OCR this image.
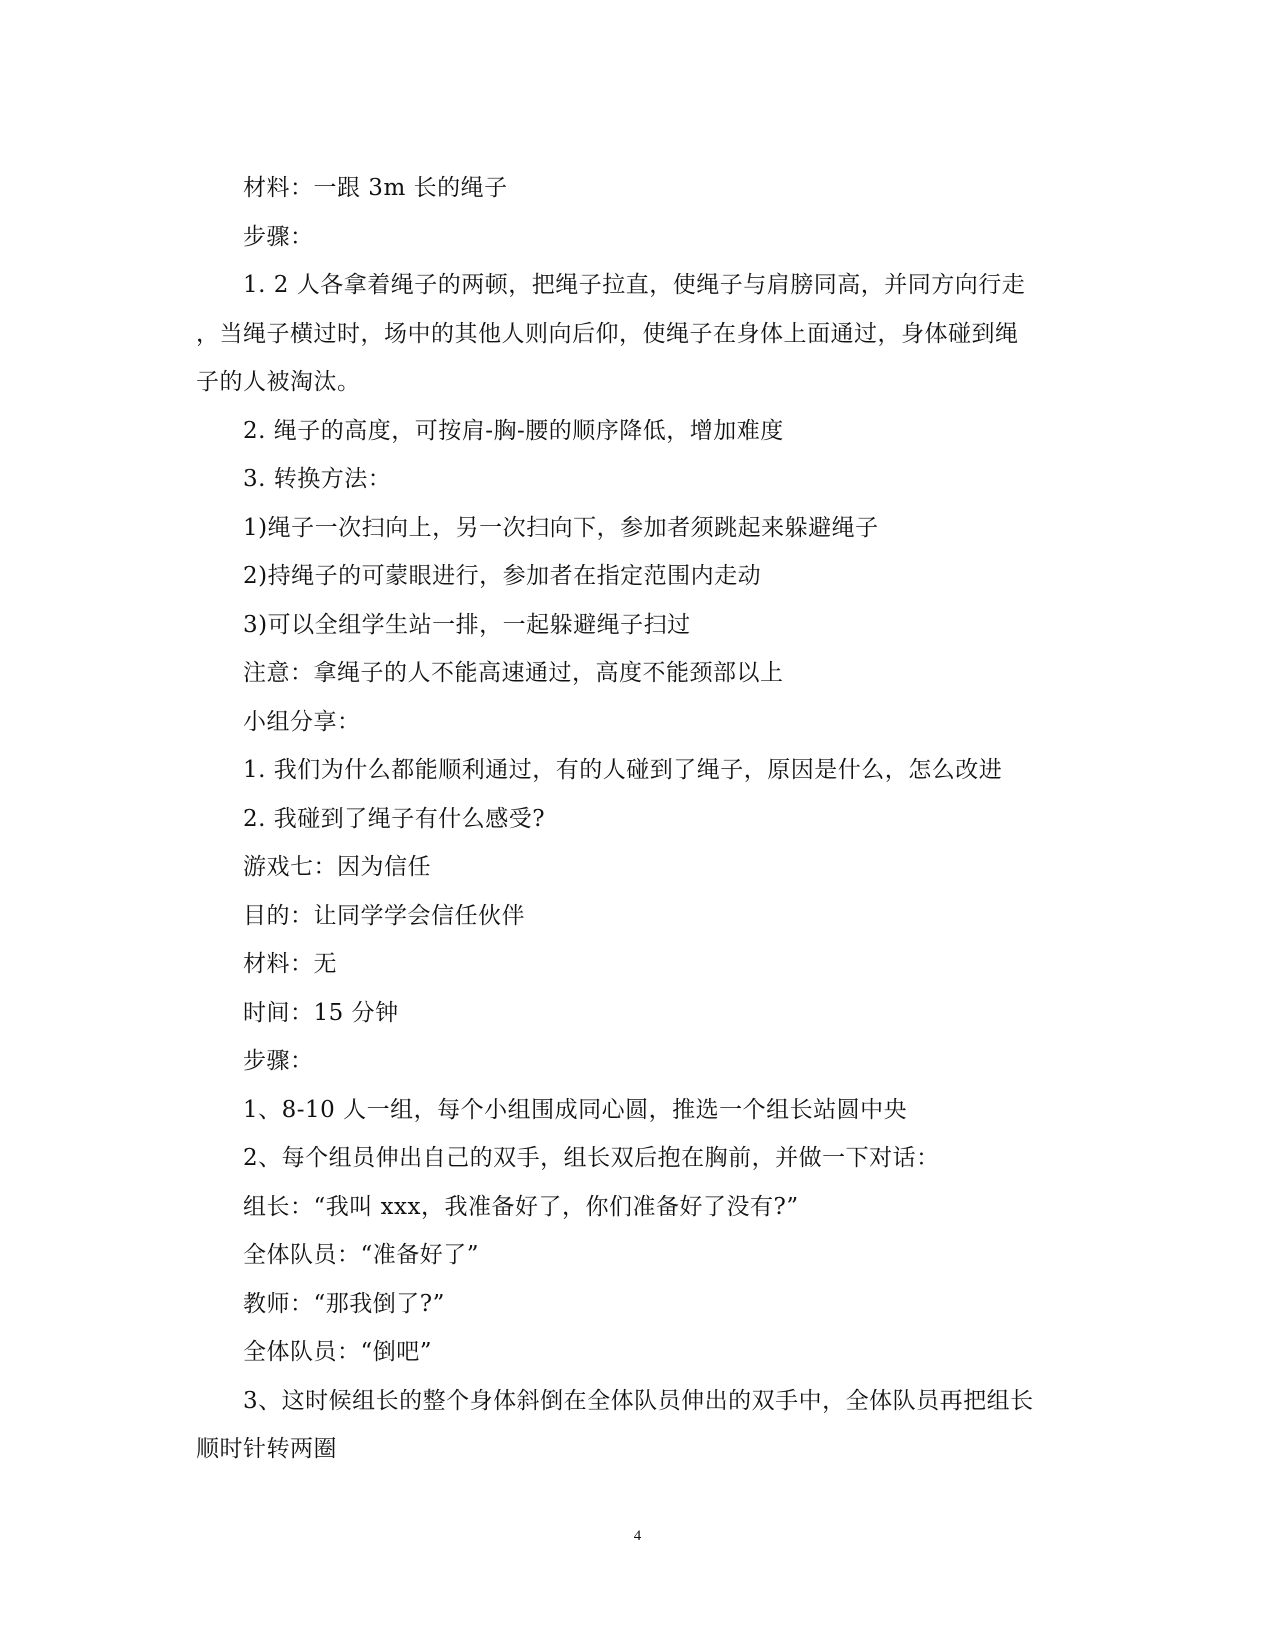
材料：一跟 3m 长的绳子
步骤：
1. 2 人各拿着绳子的两顿，把绳子拉直，使绳子与肩膀同高，并同方向行走
，当绳子横过时，场中的其他人则向后仰，使绳子在身体上面通过，身体碰到绳
子的人被淘汰。
2. 绳子的高度，可按肩-胸-腰的顺序降低，增加难度
3. 转换方法：
1)绳子一次扫向上，另一次扫向下，参加者须跳起来躲避绳子
2)持绳子的可蒙眼进行，参加者在指定范围内走动
3)可以全组学生站一排，一起躲避绳子扫过
注意：拿绳子的人不能高速通过，高度不能颈部以上
小组分享：
1. 我们为什么都能顺利通过，有的人碰到了绳子，原因是什么，怎么改进
2. 我碰到了绳子有什么感受?
游戏七：因为信任
目的：让同学学会信任伙伴
材料：无
时间：15 分钟
步骤：
1、8-10 人一组，每个小组围成同心圆，推选一个组长站圆中央
2、每个组员伸出自己的双手，组长双后抱在胸前，并做一下对话：
组长：“我叫 xxx，我准备好了，你们准备好了没有?”
全体队员：“准备好了”
教师：“那我倒了?”
全体队员：“倒吧”
3、这时候组长的整个身体斜倒在全体队员伸出的双手中，全体队员再把组长
顺时针转两圈
4
